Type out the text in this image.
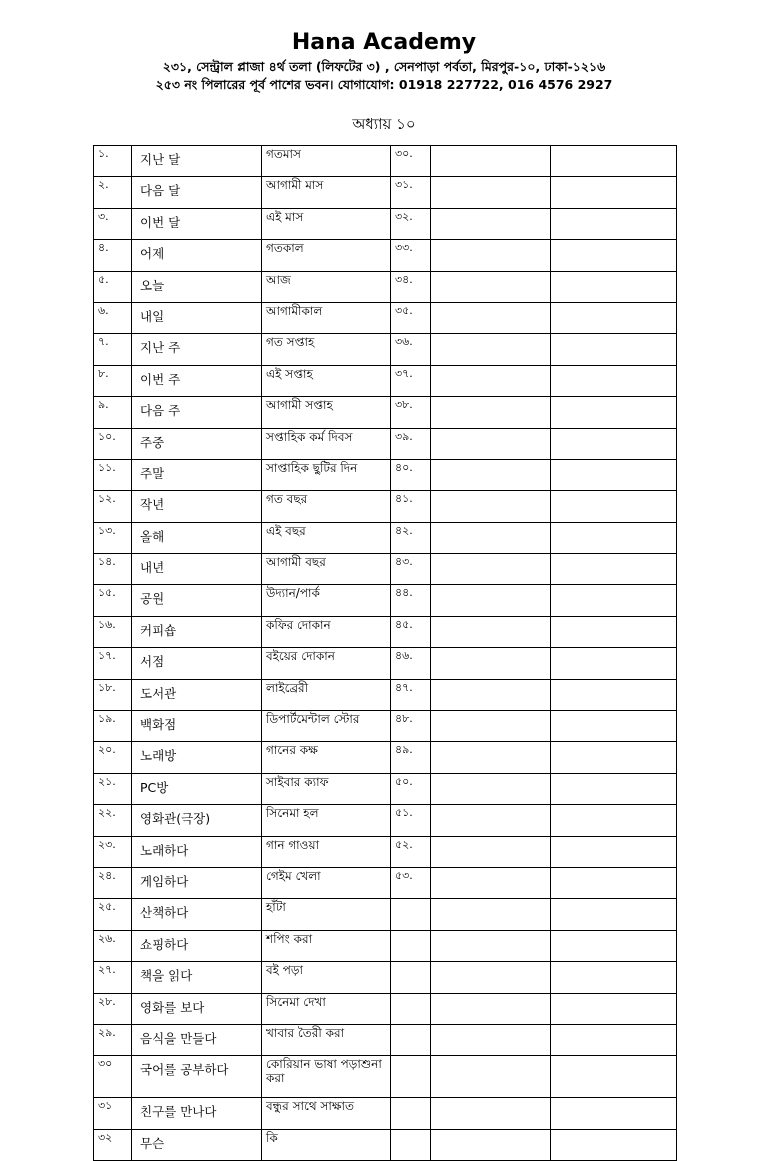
Hana Academy
২৩১, সেন্ট্রাল প্লাজা ৪র্থ তলা (লিফটের ৩) , সেনপাড়া পর্বতা, মিরপুর-১০, ঢাকা-১২১৬
২৫৩ নং পিলারের পূর্ব পাশের ভবন। যোগাযোগ: 01918 227722, 016 4576 2927
অধ্যায় ১০
১.	지난 달	গতমাস	৩০.		
২.	다음 달	আগামী মাস	৩১.		
৩.	이번 달	এই মাস	৩২.		
৪.	어제	গতকাল	৩৩.		
৫.	오늘	আজ	৩৪.		
৬.	내일	আগামীকাল	৩৫.		
৭.	지난 주	গত সপ্তাহ	৩৬.		
৮.	이번 주	এই সপ্তাহ	৩৭.		
৯.	다음 주	আগামী সপ্তাহ	৩৮.		
১০.	주중	সপ্তাহিক কর্ম দিবস	৩৯.		
১১.	주말	সাপ্তাহিক ছুটির দিন	৪০.		
১২.	작년	গত বছর	৪১.		
১৩.	올해	এই বছর	৪২.		
১৪.	내년	আগামী বছর	৪৩.		
১৫.	공원	উদ্যান/পার্ক	৪৪.		
১৬.	커피숍	কফির দোকান	৪৫.		
১৭.	서점	বইয়ের দোকান	৪৬.		
১৮.	도서관	লাইব্রেরী	৪৭.		
১৯.	백화점	ডিপার্টমেন্টাল স্টোর	৪৮.		
২০.	노래방	গানের কক্ষ	৪৯.		
২১.	PC방	সাইবার ক্যাফ	৫০.		
২২.	영화관(극장)	সিনেমা হল	৫১.		
২৩.	노래하다	গান গাওয়া	৫২.		
২৪.	게임하다	গেইম খেলা	৫৩.		
২৫.	산책하다	হাঁটা			
২৬.	쇼핑하다	শপিং করা			
২৭.	책을 읽다	বই পড়া			
২৮.	영화를 보다	সিনেমা দেখা			
২৯.	음식을 만들다	খাবার তৈরী করা			
৩০	국어를 공부하다	কোরিয়ান ভাষা পড়াশুনা করা			
৩১	친구를 만나다	বন্ধুর সাথে সাক্ষাত			
৩২	무슨	কি			
